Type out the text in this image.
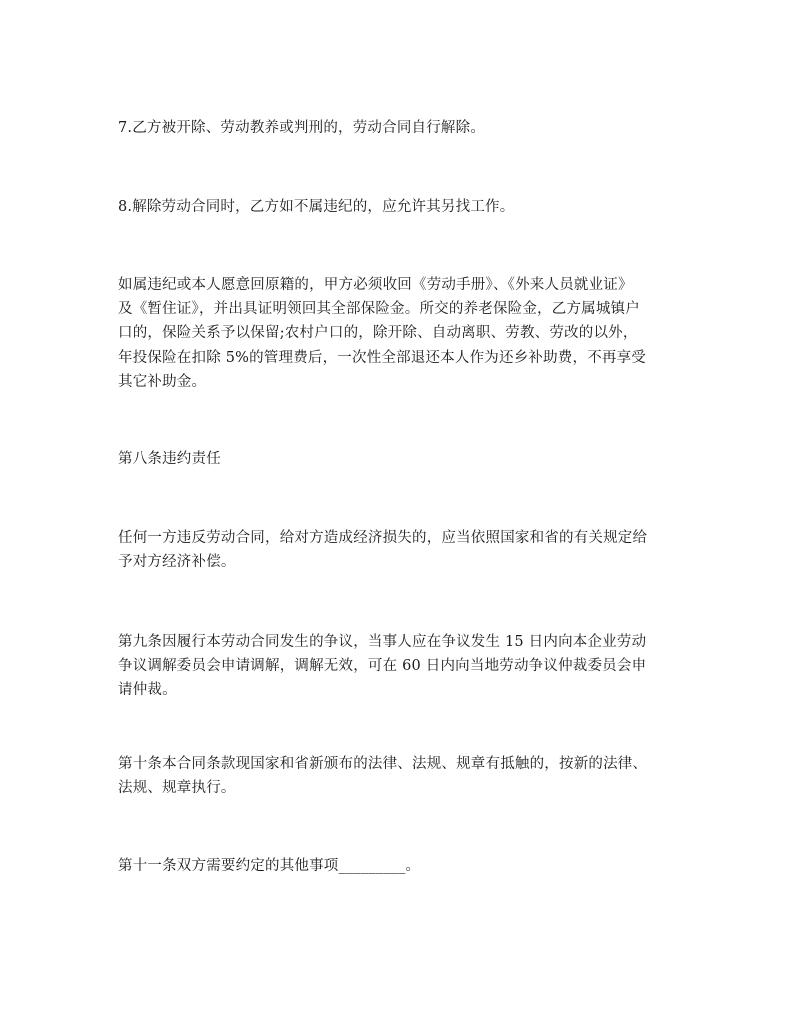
7.乙方被开除、劳动教养或判刑的，劳动合同自行解除。

8.解除劳动合同时，乙方如不属违纪的，应允许其另找工作。

如属违纪或本人愿意回原籍的，甲方必须收回《劳动手册》、《外来人员就业证》
及《暂住证》，并出具证明领回其全部保险金。所交的养老保险金，乙方属城镇户
口的，保险关系予以保留;农村户口的，除开除、自动离职、劳教、劳改的以外，
年投保险在扣除 5%的管理费后，一次性全部退还本人作为还乡补助费，不再享受
其它补助金。

第八条违约责任

任何一方违反劳动合同，给对方造成经济损失的，应当依照国家和省的有关规定给
予对方经济补偿。

第九条因履行本劳动合同发生的争议，当事人应在争议发生 15 日内向本企业劳动
争议调解委员会申请调解，调解无效，可在 60 日内向当地劳动争议仲裁委员会申
请仲裁。

第十条本合同条款现国家和省新颁布的法律、法规、规章有抵触的，按新的法律、
法规、规章执行。

第十一条双方需要约定的其他事项_________。
